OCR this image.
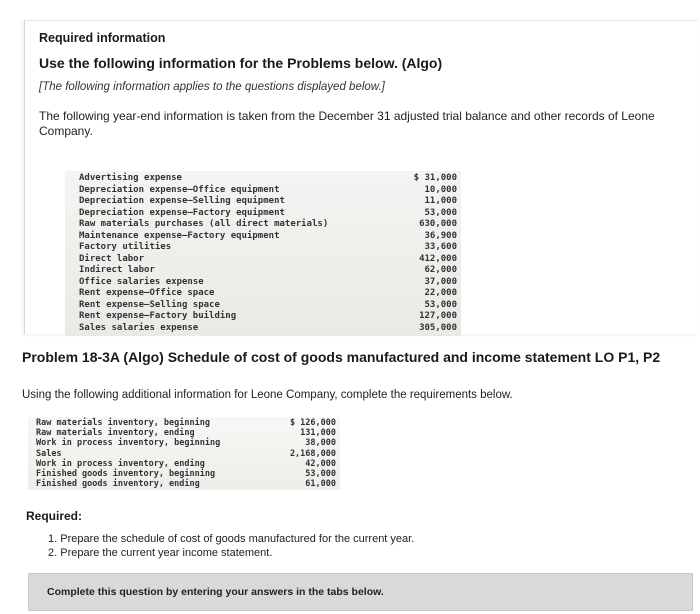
Required information
Use the following information for the Problems below. (Algo)
[The following information applies to the questions displayed below.]
The following year-end information is taken from the December 31 adjusted trial balance and other records of Leone Company.
Advertising expense	$ 31,000
Depreciation expense—Office equipment	10,000
Depreciation expense—Selling equipment	11,000
Depreciation expense—Factory equipment	53,000
Raw materials purchases (all direct materials)	630,000
Maintenance expense—Factory equipment	36,900
Factory utilities	33,600
Direct labor	412,000
Indirect labor	62,000
Office salaries expense	37,000
Rent expense—Office space	22,000
Rent expense—Selling space	53,000
Rent expense—Factory building	127,000
Sales salaries expense	305,000
Problem 18-3A (Algo) Schedule of cost of goods manufactured and income statement LO P1, P2
Using the following additional information for Leone Company, complete the requirements below.
Raw materials inventory, beginning	$ 126,000
Raw materials inventory, ending	131,000
Work in process inventory, beginning	38,000
Sales	2,168,000
Work in process inventory, ending	42,000
Finished goods inventory, beginning	53,000
Finished goods inventory, ending	61,000
Required:
1. Prepare the schedule of cost of goods manufactured for the current year.
2. Prepare the current year income statement.
Complete this question by entering your answers in the tabs below.
